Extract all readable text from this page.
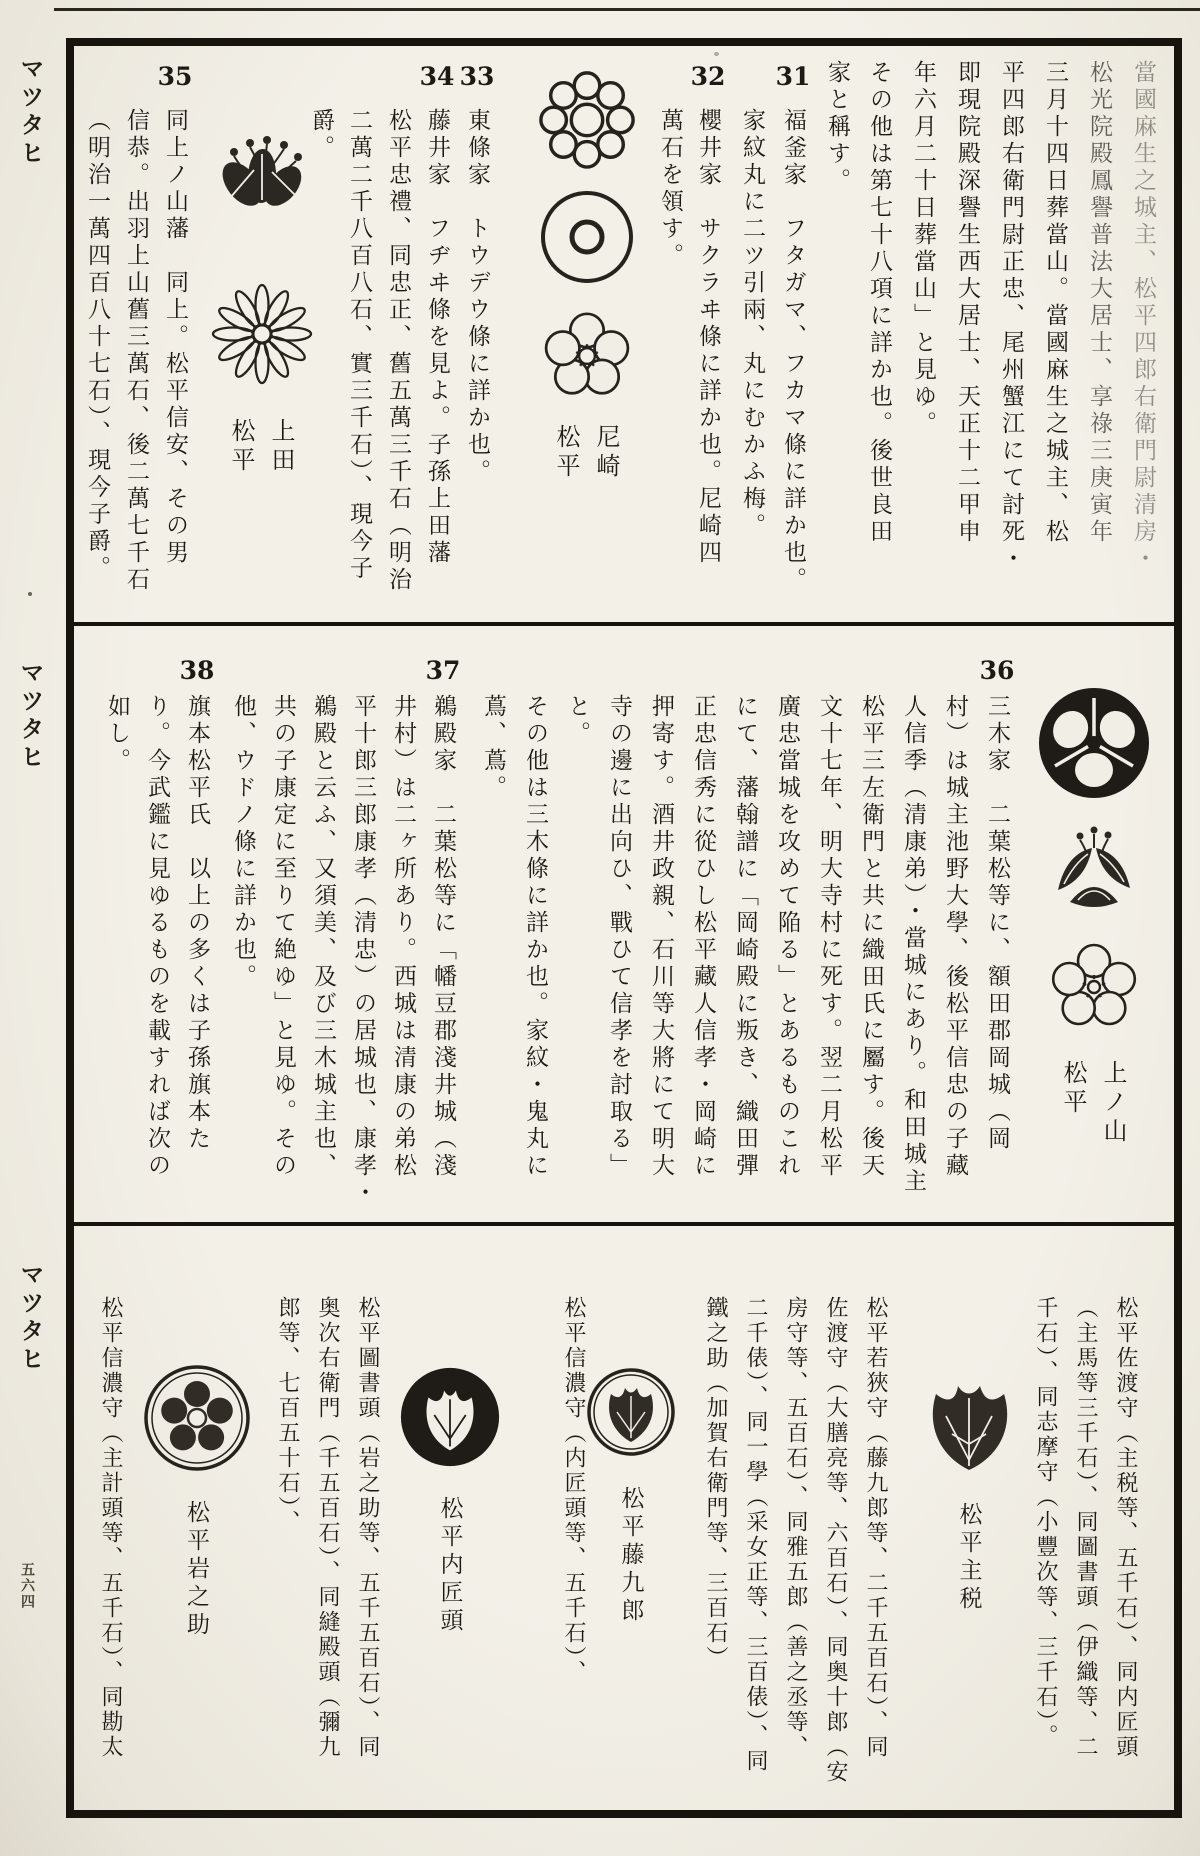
マツタヒ
マツタヒ
マツタヒ
五六四
當國麻生之城主、松平四郎右衛門尉清房・
松光院殿鳳譽普法大居士、享祿三庚寅年
三月十四日葬當山。當國麻生之城主、松
平四郎右衛門尉正忠、尾州蟹江にて討死・
即現院殿深譽生西大居士、天正十二甲申
年六月二十日葬當山」と見ゆ。
その他は第七十八項に詳か也。後世良田
家と稱す。
31
福釜家　フタガマ、フカマ條に詳か也。
家紋丸に二ツ引兩、丸にむかふ梅。
32
櫻井家　サクラヰ條に詳か也。尼崎四
萬石を領す。
尼崎
松平
33
東條家　トウデウ條に詳か也。
34
藤井家　フヂヰ條を見よ。子孫上田藩
松平忠禮、同忠正、舊五萬三千石（明治
二萬二千八百八石、實三千石）、現今子爵。
上田
松平
35
同上ノ山藩　同上。松平信安、その男
信恭。出羽上山舊三萬石、後二萬七千石
（明治一萬四百八十七石）、現今子爵。
上ノ山
松平
36
三木家　二葉松等に、額田郡岡城（岡
村）は城主池野大學、後松平信忠の子藏
人信季（清康弟）・當城にあり。和田城主
松平三左衛門と共に織田氏に屬す。後天
文十七年、明大寺村に死す。翌二月松平
廣忠當城を攻めて陥る」とあるものこれ
にて、藩翰譜に「岡崎殿に叛き、織田彈
正忠信秀に從ひし松平藏人信孝・岡崎に
押寄す。酒井政親、石川等大將にて明大
寺の邊に出向ひ、戰ひて信孝を討取る」
と。
その他は三木條に詳か也。家紋・鬼丸に
蔦、蔦。
37
鵜殿家　二葉松等に「幡豆郡淺井城（淺
井村）は二ヶ所あり。西城は清康の弟松
平十郎三郎康孝（清忠）の居城也、康孝・
鵜殿と云ふ、又須美、及び三木城主也、
共の子康定に至りて絶ゆ」と見ゆ。その
他、ウドノ條に詳か也。
38
旗本松平氏　以上の多くは子孫旗本た
り。今武鑑に見ゆるものを載すれば次の
如し。
松平佐渡守（主税等、五千石）、同内匠頭
（主馬等三千石）、同圖書頭（伊織等、二
千石）、同志摩守（小豐次等、三千石）。
松平主税
松平若狹守（藤九郎等、二千五百石）、同
佐渡守（大膳亮等、六百石）、同奥十郎（安
房守等、五百石）、同雅五郎（善之丞等、
二千俵）、同一學（采女正等、三百俵）、同
鐵之助（加賀右衛門等、三百石）
松平藤九郎
松平信濃守（内匠頭等、五千石）、
松平内匠頭
松平圖書頭（岩之助等、五千五百石）、同
奥次右衛門（千五百石）、同縫殿頭（彌九
郎等、七百五十石）、
松平岩之助
松平信濃守（主計頭等、五千石）、同勘太
